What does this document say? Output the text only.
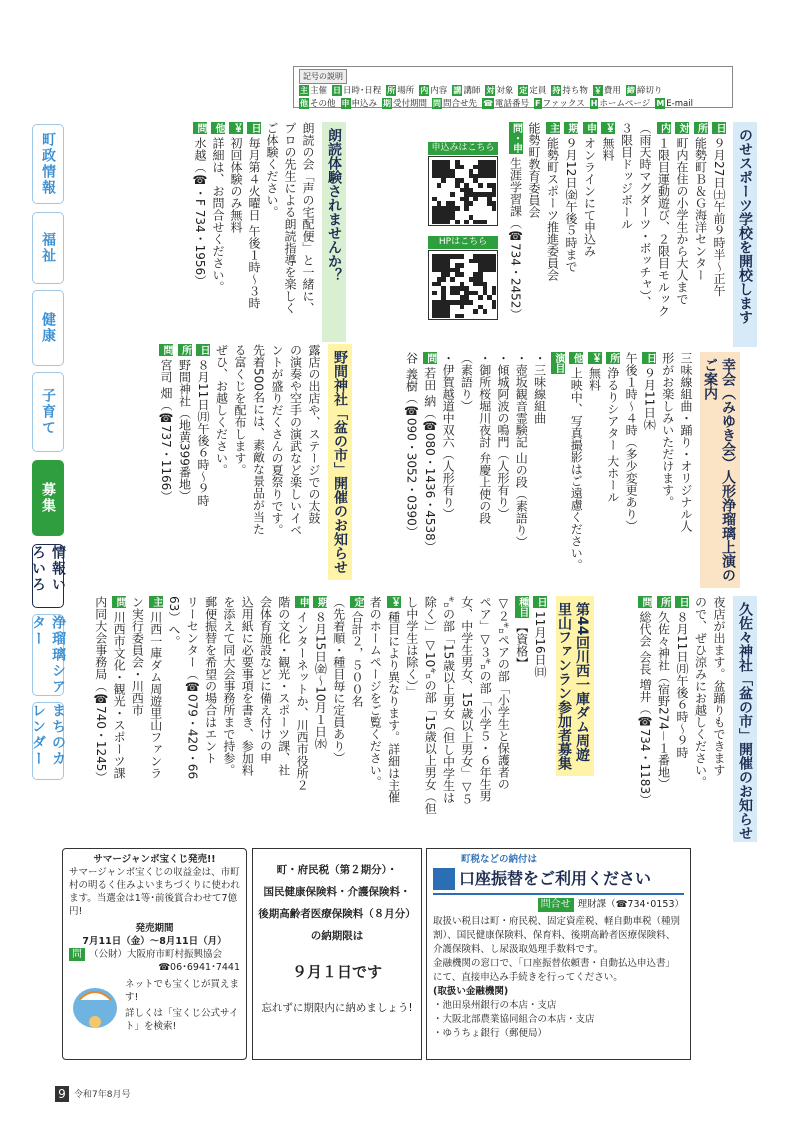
記号の説明
主 主催 日 日時･日程 所 場所 内 内容 講 講師 対 対象 定 定員 持 持ち物 ￥ 費用 締 締切り
他 その他 申 申込み 期 受付期間 問 問合せ先 ☎ 電話番号 F ファックス H ホームページ M E-mail
町政情報
福祉
健康
子育て
募集
情報いろいろ
浄瑠璃シアター
まちのカレンダー
のせスポーツ学校を開校します
日９月27日㈯午前９時半～正午
所能勢町Ｂ＆Ｇ海洋センター
対町内在住の小学生から大人まで
内１限目運動遊び、２限目モルック
（雨天時マグダーツ・ボッチャ）、
３限目ドッジボール
￥無料
申オンラインにて申込み
期９月12日㈮午後５時まで
主能勢町スポーツ推進委員会
能勢町教育委員会
問・申生涯学習課（☎734・2452）
申込みはこちら
HPはこちら
朗読体験されませんか？
朗読の会「声の宅配便」と一緒に、
プロの先生による朗読指導を楽しく
ご体験ください。
日毎月第４火曜日 午後１時～３時
￥初回体験のみ無料
他詳細は、お問合せください。
問水越（☎・F 734・1956）
幸会（みゆき会）人形浄瑠璃上演のご案内
三味線組曲・踊り・オリジナル人
形がお楽しみいただけます。
日９月11日㈭
午後１時～４時（多少変更あり）
所浄るりシアター 大ホール
￥無料
他上映中、写真撮影はご遠慮ください。
演目
・三味線組曲
・壺坂観音霊験記 山の段（素語り）
・傾城阿波の鳴門（人形有り）
・御所桜堀川夜討 弁慶上使の段
（素語り）
・伊賀越道中双六（人形有り）
問若田 納（☎080・1436・4538）
谷 義樹（☎090・3052・0390）
野間神社「盆の市」開催のお知らせ
露店の出店や、ステージでの太鼓
の演奏や空手の演武など楽しいイベ
ントが盛りだくさんの夏祭りです。
先着500名には、素敵な景品が当た
る富くじを配布します。
ぜひ、お越しください。
日８月11日㈪午後６時～９時
所野間神社（地黄399番地）
問宮司 畑（☎737・1166）
久佐々神社「盆の市」開催のお知らせ
夜店が出ます。盆踊りもできます
ので、ぜひ涼みにお越しください。
日８月11日㈪午後６時～９時
所久佐々神社（宿野274－１番地）
問総代会 会長 増井（☎734・1183）
第44回川西一庫ダム周遊里山ファンラン参加者募集
日11月16日㈰
種目【資格】
▽２㌔ペアの部「小学生と保護者の
ペア」▽３㌔の部「小学５・６年生男
女、中学生男女、15歳以上男女」▽５
㌔の部「15歳以上男女（但し中学生は
除く）」▽10㌔の部「15歳以上男女（但
し中学生は除く）」
￥種目により異なります。詳細は主催
者のホームページをご覧ください。
定合計２，５００名
（先着順・種目毎に定員あり）
期８月15日㈮～10月１日㈬
申インターネットか、川西市役所２
階の文化・観光・スポーツ課、社
会体育施設などに備え付けの申
込用紙に必要事項を書き、参加料
を添えて同大会事務所まで持参。
郵便振替を希望の場合はエント
リーセンター（☎079・420・66
63）へ。
主川西一庫ダム周遊里山ファンラ
ン実行委員会・川西市
問川西市文化・観光・スポーツ課
内同大会事務局（☎740・1245）
サマージャンボ宝くじ発売!!
サマージャンボ宝くじの収益金は、市町村の明るく住みよいまちづくりに使われます。当選金は1等･前後賞合わせて7億円!
発売期間
7月11日（金）～8月11日（月）
問 （公財）大阪府市町村振興協会
☎06･6941･7441
ネットでも宝くじが買えます!
詳しくは「宝くじ公式サイト」を検索!
町・府民税（第２期分）・
国民健康保険料・介護保険料・
後期高齢者医療保険料（８月分）
の納期限は
９月１日です
忘れずに期限内に納めましょう!
町税などの納付は
口座振替をご利用ください
問合せ 理財課（☎734･0153）
取扱い税目は町・府民税、固定資産税、軽自動車税（種別割）、国民健康保険料、保育料、後期高齢者医療保険料、介護保険料、し尿汲取処理手数料です。
金融機関の窓口で、「口座振替依頼書・自動払込申込書」にて、直接申込み手続きを行ってください。
(取扱い金融機関)
・池田泉州銀行の本店・支店
・大阪北部農業協同組合の本店・支店
・ゆうちょ銀行（郵便局）
9 令和7年8月号
